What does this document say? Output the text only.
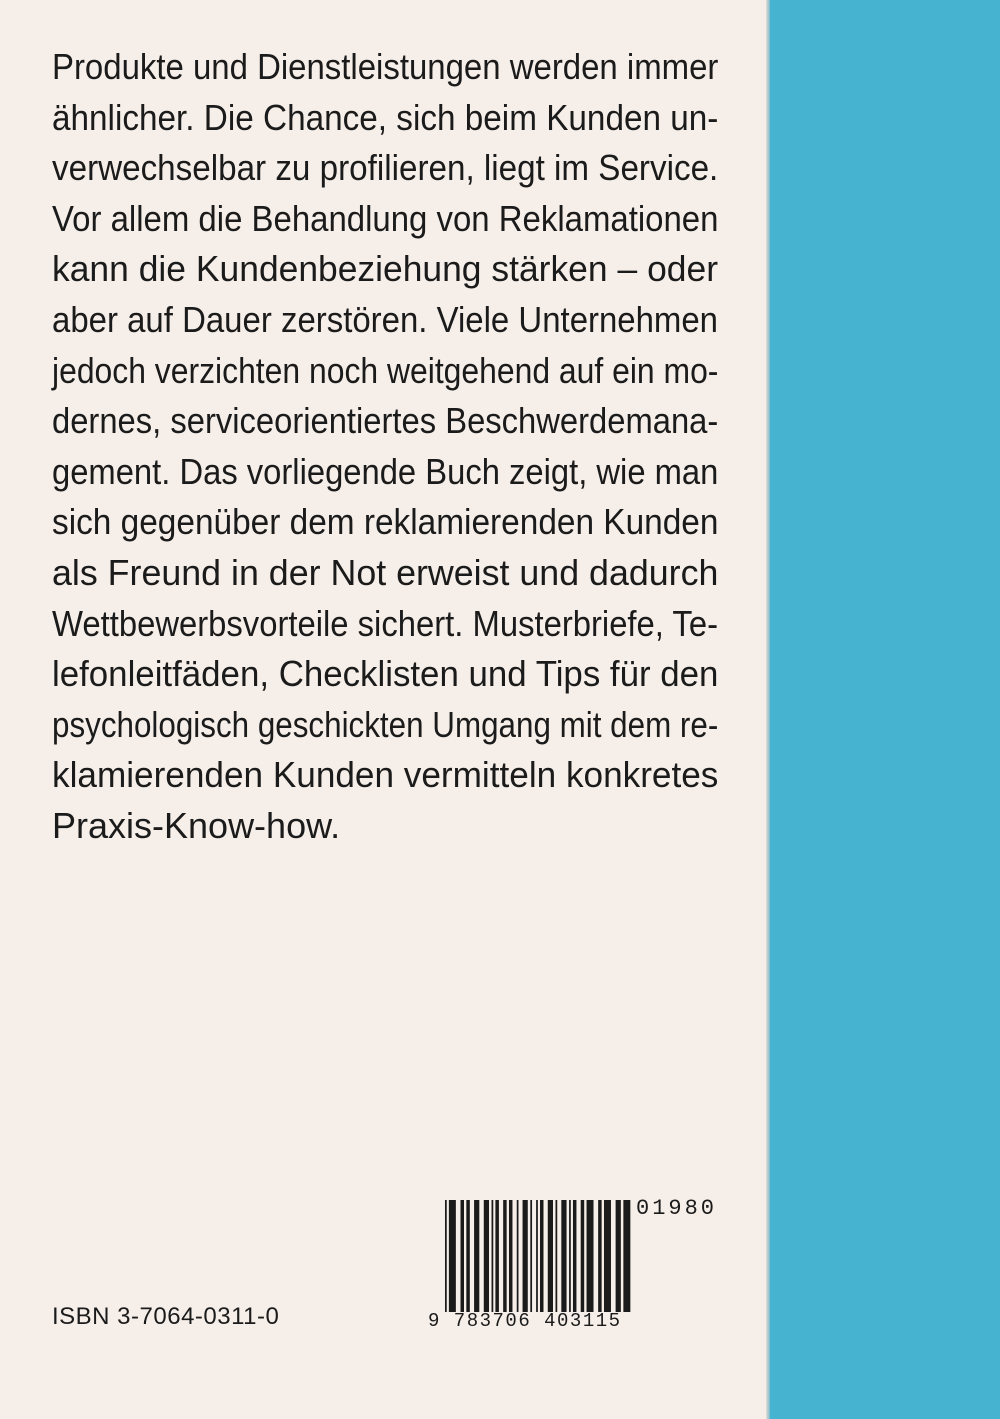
Produkte und Dienstleistungen werden immer
ähnlicher. Die Chance, sich beim Kunden un-
verwechselbar zu profilieren, liegt im Service.
Vor allem die Behandlung von Reklamationen
kann die Kundenbeziehung stärken – oder
aber auf Dauer zerstören. Viele Unternehmen
jedoch verzichten noch weitgehend auf ein mo-
dernes, serviceorientiertes Beschwerdemana-
gement. Das vorliegende Buch zeigt, wie man
sich gegenüber dem reklamierenden Kunden
als Freund in der Not erweist und dadurch
Wettbewerbsvorteile sichert. Musterbriefe, Te-
lefonleitfäden, Checklisten und Tips für den
psychologisch geschickten Umgang mit dem re-
klamierenden Kunden vermitteln konkretes
Praxis-Know-how.
ISBN 3-7064-0311-0
01980
9 783706 403115
